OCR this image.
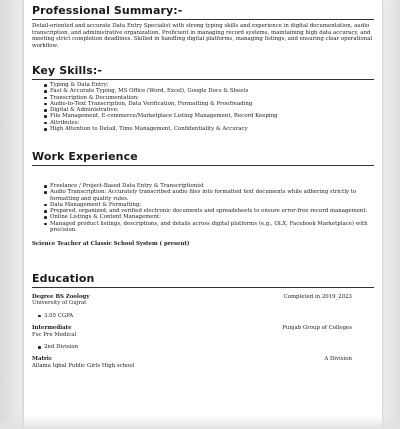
Professional Summary:-

Detail-oriented and accurate Data Entry Specialist with strong typing skills and experience in digital documentation, audio transcription, and administrative organization. Proficient in managing record systems, maintaining high data accuracy, and meeting strict completion deadlines. Skilled in handling digital platforms, managing listings, and ensuring clear operational workflow.

Key Skills:-
Typing & Data Entry:
Fast & Accurate Typing, MS Office (Word, Excel), Google Docs & Sheets
Transcription & Documentation:
Audio-to-Text Transcription, Data Verification, Formatting & Proofreading
Digital & Administrative:
File Management, E-commerce/Marketplace Listing Management, Record Keeping
Attributes:
High Attention to Detail, Time Management, Confidentiality & Accuracy
Work Experience
Freelance / Project-Based Data Entry & Transcriptionist
Audio Transcription: Accurately transcribed audio files into formatted text documents while adhering strictly to formatting and quality rules.
Data Management & Formatting:
Prepared, organized, and verified electronic documents and spreadsheets to ensure error-free record management.
Online Listings & Content Management:
Managed product listings, descriptions, and details across digital platforms (e.g., OLX, Facebook Marketplace) with precision.
Science Teacher at Classic School System ( present)
Education
Degree BS Zoology	Completed in 2019_2023
University of Gujrat
3.05 CGPA
Intermediate	Punjab Group of Colleges
Fsc Pre Medical
2nd Division
Matric	A Division
Allama Iqbal Public Girls High school
